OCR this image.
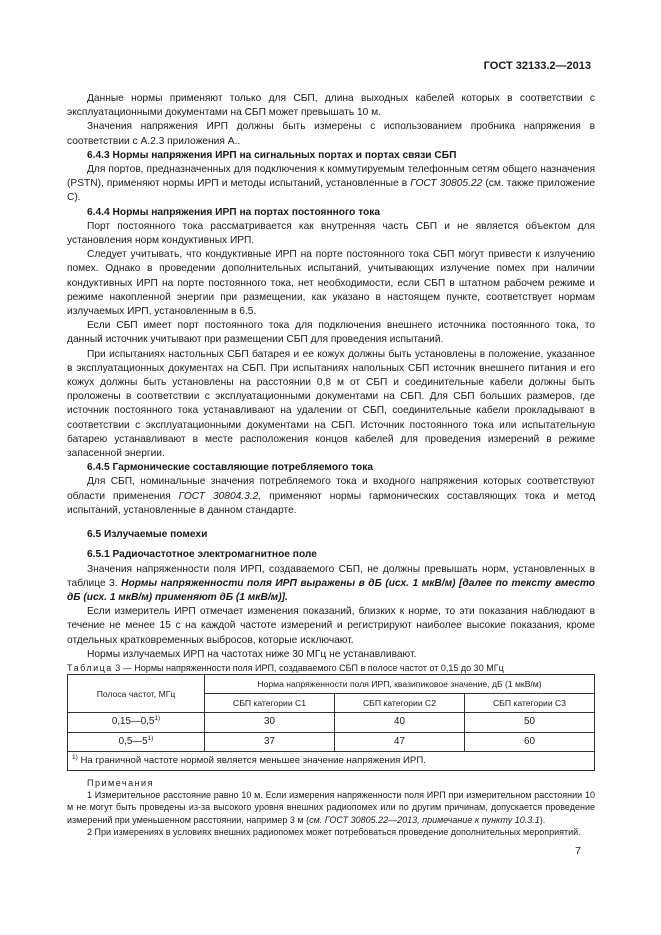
ГОСТ 32133.2—2013

Данные нормы применяют только для СБП, длина выходных кабелей которых в соответствии с эксплуатационными документами на СБП может превышать 10 м.

Значения напряжения ИРП должны быть измерены с использованием пробника напряжения в соответствии с А.2.3 приложения А..

6.4.3 Нормы напряжения ИРП на сигнальных портах и портах связи СБП

Для портов, предназначенных для подключения к коммутируемым телефонным сетям общего назначения (PSTN), применяют нормы ИРП и методы испытаний, установленные в ГОСТ 30805.22 (см. также приложение С).

6.4.4 Нормы напряжения ИРП на портах постоянного тока

Порт постоянного тока рассматривается как внутренняя часть СБП и не является объектом для установления норм кондуктивных ИРП.

Следует учитывать, что кондуктивные ИРП на порте постоянного тока СБП могут привести к излучению помех. Однако в проведении дополнительных испытаний, учитывающих излучение помех при наличии кондуктивных ИРП на порте постоянного тока, нет необходимости, если СБП в штатном рабочем режиме и режиме накопленной энергии при размещении, как указано в настоящем пункте, соответствует нормам излучаемых ИРП, установленным в 6.5.

Если СБП имеет порт постоянного тока для подключения внешнего источника постоянного тока, то данный источник учитывают при размещении СБП для проведения испытаний.

При испытаниях настольных СБП батарея и ее кожух должны быть установлены в положение, указанное в эксплуатационных документах на СБП. При испытаниях напольных СБП источник внешнего питания и его кожух должны быть установлены на расстоянии 0,8 м от СБП и соединительные кабели должны быть проложены в соответствии с эксплуатационными документами на СБП. Для СБП больших размеров, где источник постоянного тока устанавливают на удалении от СБП, соединительные кабели прокладывают в соответствии с эксплуатационными документами на СБП. Источник постоянного тока или испытательную батарею устанавливают в месте расположения концов кабелей для проведения измерений в режиме запасенной энергии.

6.4.5 Гармонические составляющие потребляемого тока

Для СБП, номинальные значения потребляемого тока и входного напряжения которых соответствуют области применения ГОСТ 30804.3.2, применяют нормы гармонических составляющих тока и метод испытаний, установленные в данном стандарте.

6.5 Излучаемые помехи

6.5.1 Радиочастотное электромагнитное поле

Значения напряженности поля ИРП, создаваемого СБП, не должны превышать норм, установленных в таблице 3. Нормы напряженности поля ИРП выражены в дБ (исх. 1 мкВ/м) [далее по тексту вместо дБ (исх. 1 мкВ/м) применяют дБ (1 мкВ/м)].

Если измеритель ИРП отмечает изменения показаний, близких к норме, то эти показания наблюдают в течение не менее 15 с на каждой частоте измерений и регистрируют наиболее высокие показания, кроме отдельных кратковременных выбросов, которые исключают.

Нормы излучаемых ИРП на частотах ниже 30 МГц не устанавливают.

Таблица 3 — Нормы напряженности поля ИРП, создаваемого СБП в полосе частот от 0,15 до 30 МГц

Полоса частот, МГц	Норма напряженности поля ИРП, квазипиковое значение, дБ (1 мкВ/м)		
	СБП категории С1	СБП категории С2	СБП категории С3
0,15—0,5$^{1)}$	30	40	50
0,5—5$^{1)}$	37	47	60
$^{1)}$ На граничной частоте нормой является меньшее значение напряжения ИРП.			

Примечания

1 Измерительное расстояние равно 10 м. Если измерения напряженности поля ИРП при измерительном расстоянии 10 м не могут быть проведены из-за высокого уровня внешних радиопомех или по другим причинам, допускается проведение измерений при уменьшенном расстоянии, например 3 м (см. ГОСТ 30805.22—2013, примечание к пункту 10.3.1).

2 При измерениях в условиях внешних радиопомех может потребоваться проведение дополнительных мероприятий.

7
